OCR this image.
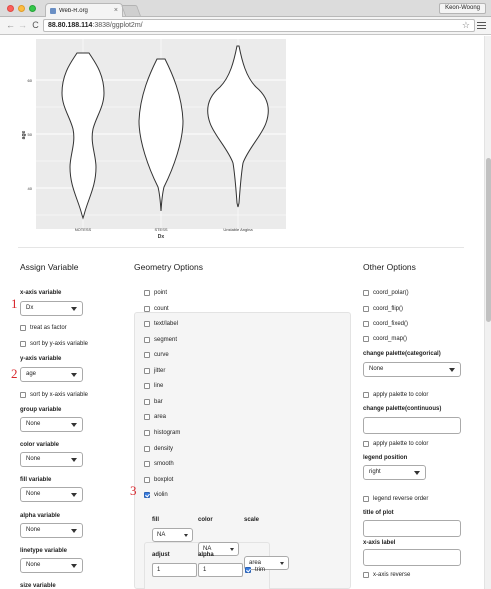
Web-R.org	×	Keon-Woong
← → C	88.80.188.114 :3838/ggplot2m/	☆
60
50
40
age
NOTESS	STESS	Unstable Angina
Dx
Assign Variable
x-axis variable
1	Dx
treat as factor
sort by y-axis variable
y-axis variable
2	age
sort by x-axis variable
group variable
None
color variable
None
fill variable
None
alpha variable
None
linetype variable
None
size variable
Geometry Options
3
fill
NA
color
NA
scale
area
adjust
1
alpha
1	trim
Other Options
coord_polar()
coord_flip()
coord_fixed()
coord_map()
change palette(categorical)
None
apply palette to color
change palette(continuous)
apply palette to color
legend position
right
legend reverse order
title of plot
x-axis label
x-axis reverse
point
count
text/label
segment
curve
jitter
line
bar
area
histogram
density
smooth
boxplot
violin
